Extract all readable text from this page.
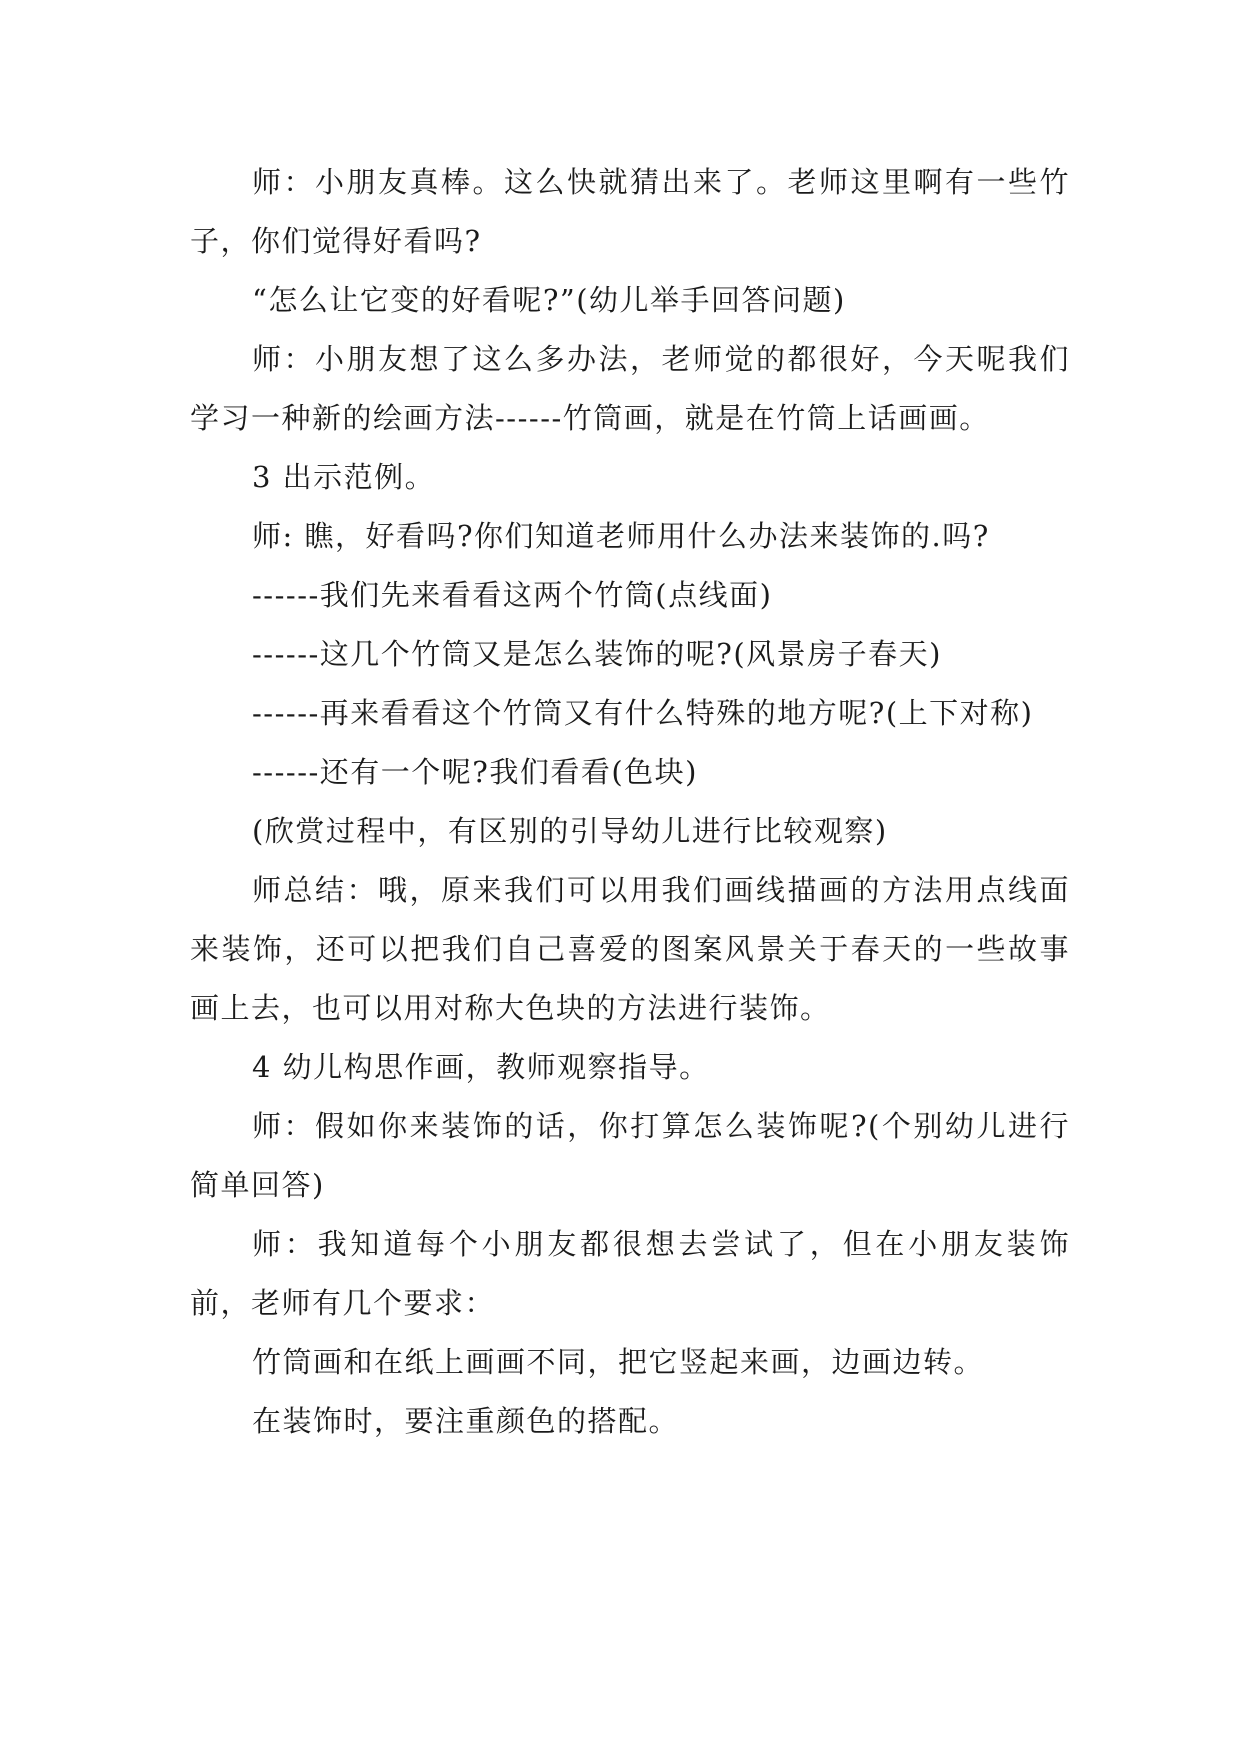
师：小朋友真棒。这么快就猜出来了。老师这里啊有一些竹子，你们觉得好看吗?

“怎么让它变的好看呢?”(幼儿举手回答问题)

师：小朋友想了这么多办法，老师觉的都很好，今天呢我们学习一种新的绘画方法------竹筒画，就是在竹筒上话画画。

3 出示范例。

师: 瞧，好看吗?你们知道老师用什么办法来装饰的.吗?

------我们先来看看这两个竹筒(点线面)

------这几个竹筒又是怎么装饰的呢?(风景房子春天)

------再来看看这个竹筒又有什么特殊的地方呢?(上下对称)

------还有一个呢?我们看看(色块)

(欣赏过程中，有区别的引导幼儿进行比较观察)

师总结：哦，原来我们可以用我们画线描画的方法用点线面来装饰，还可以把我们自己喜爱的图案风景关于春天的一些故事画上去，也可以用对称大色块的方法进行装饰。

4 幼儿构思作画，教师观察指导。

师：假如你来装饰的话，你打算怎么装饰呢?(个别幼儿进行简单回答)

师：我知道每个小朋友都很想去尝试了，但在小朋友装饰前，老师有几个要求：

竹筒画和在纸上画画不同，把它竖起来画，边画边转。

在装饰时，要注重颜色的搭配。
